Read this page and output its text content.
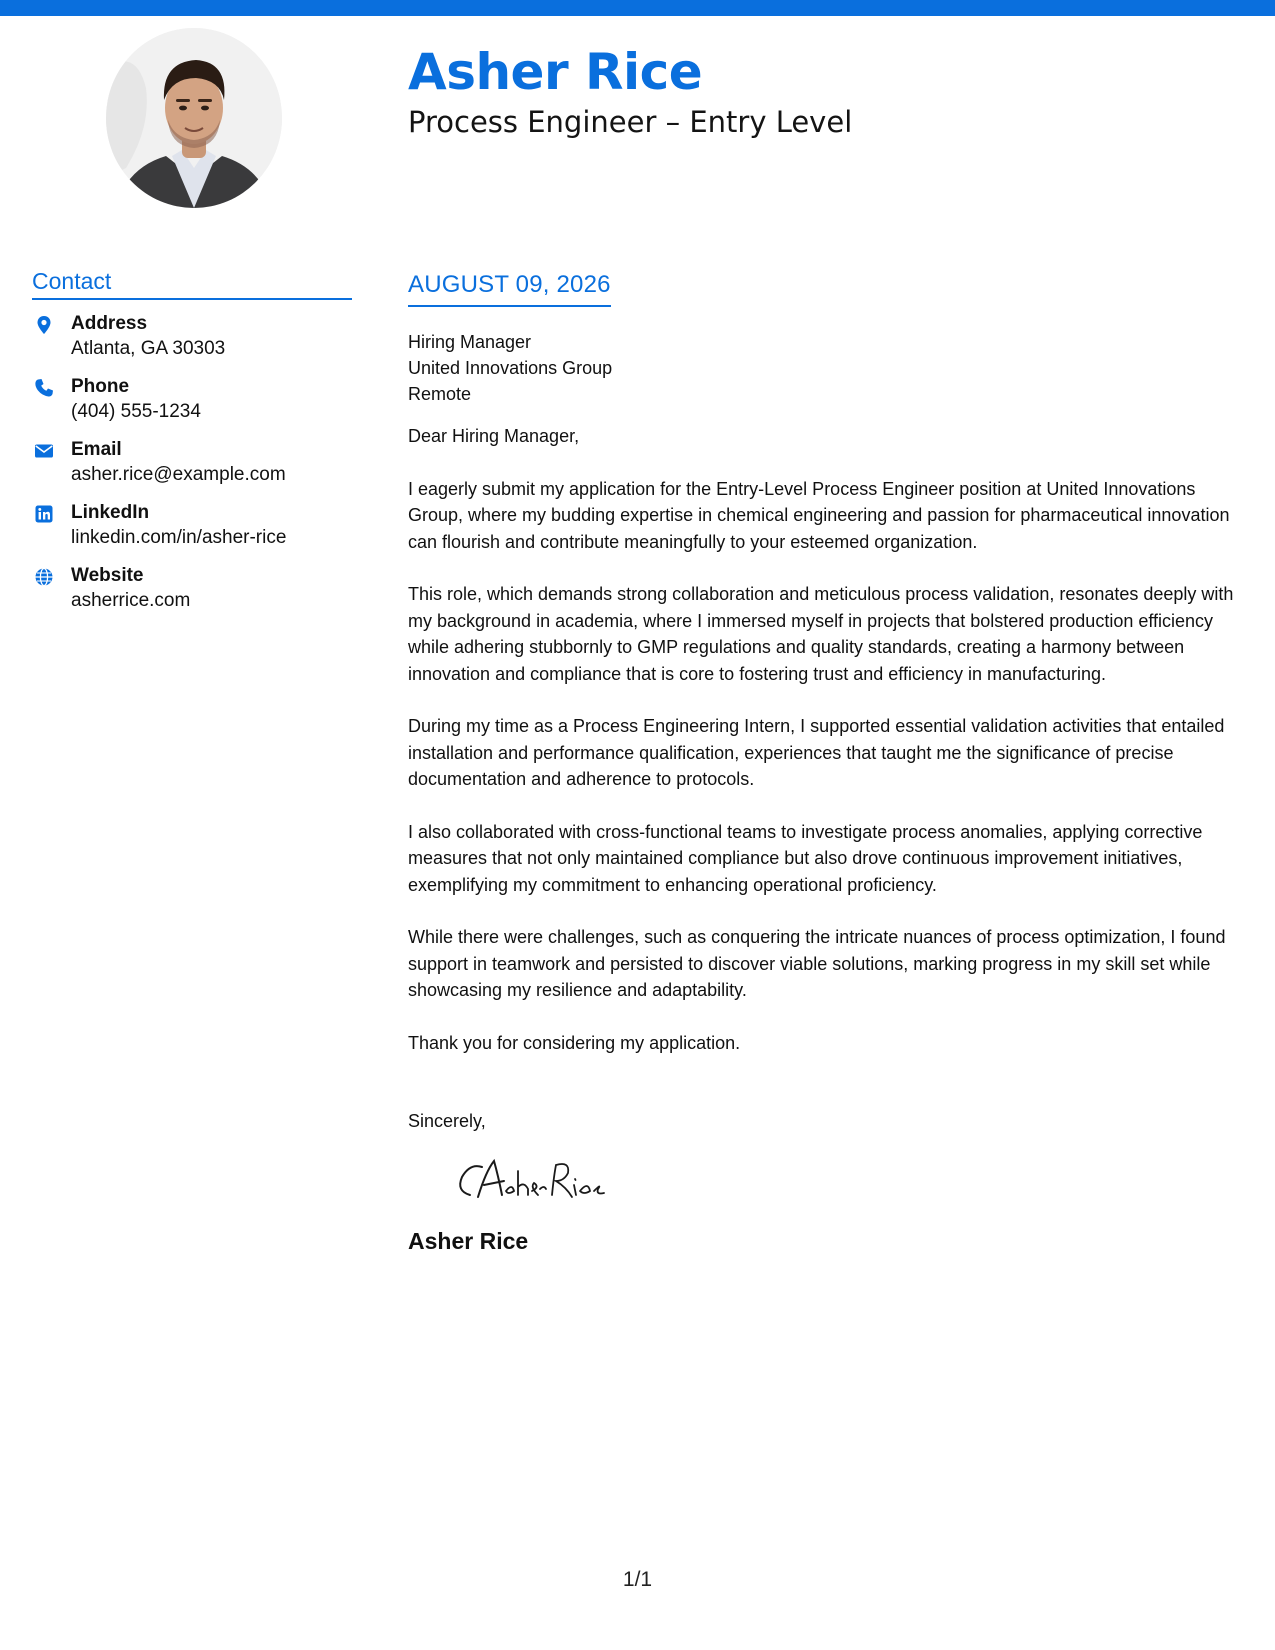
Asher Rice
Process Engineer – Entry Level
Contact
Address
Atlanta, GA 30303
Phone
(404) 555-1234
Email
asher.rice@example.com
LinkedIn
linkedin.com/in/asher-rice
Website
asherrice.com
AUGUST 09, 2026
Hiring Manager
United Innovations Group
Remote
Dear Hiring Manager,

I eagerly submit my application for the Entry-Level Process Engineer position at United Innovations Group, where my budding expertise in chemical engineering and passion for pharmaceutical innovation can flourish and contribute meaningfully to your esteemed organization.

This role, which demands strong collaboration and meticulous process validation, resonates deeply with my background in academia, where I immersed myself in projects that bolstered production efficiency while adhering stubbornly to GMP regulations and quality standards, creating a harmony between innovation and compliance that is core to fostering trust and efficiency in manufacturing.

During my time as a Process Engineering Intern, I supported essential validation activities that entailed installation and performance qualification, experiences that taught me the significance of precise documentation and adherence to protocols.

I also collaborated with cross-functional teams to investigate process anomalies, applying corrective measures that not only maintained compliance but also drove continuous improvement initiatives, exemplifying my commitment to enhancing operational proficiency.

While there were challenges, such as conquering the intricate nuances of process optimization, I found support in teamwork and persisted to discover viable solutions, marking progress in my skill set while showcasing my resilience and adaptability.

Thank you for considering my application.

Sincerely,
Asher Rice
1/1
